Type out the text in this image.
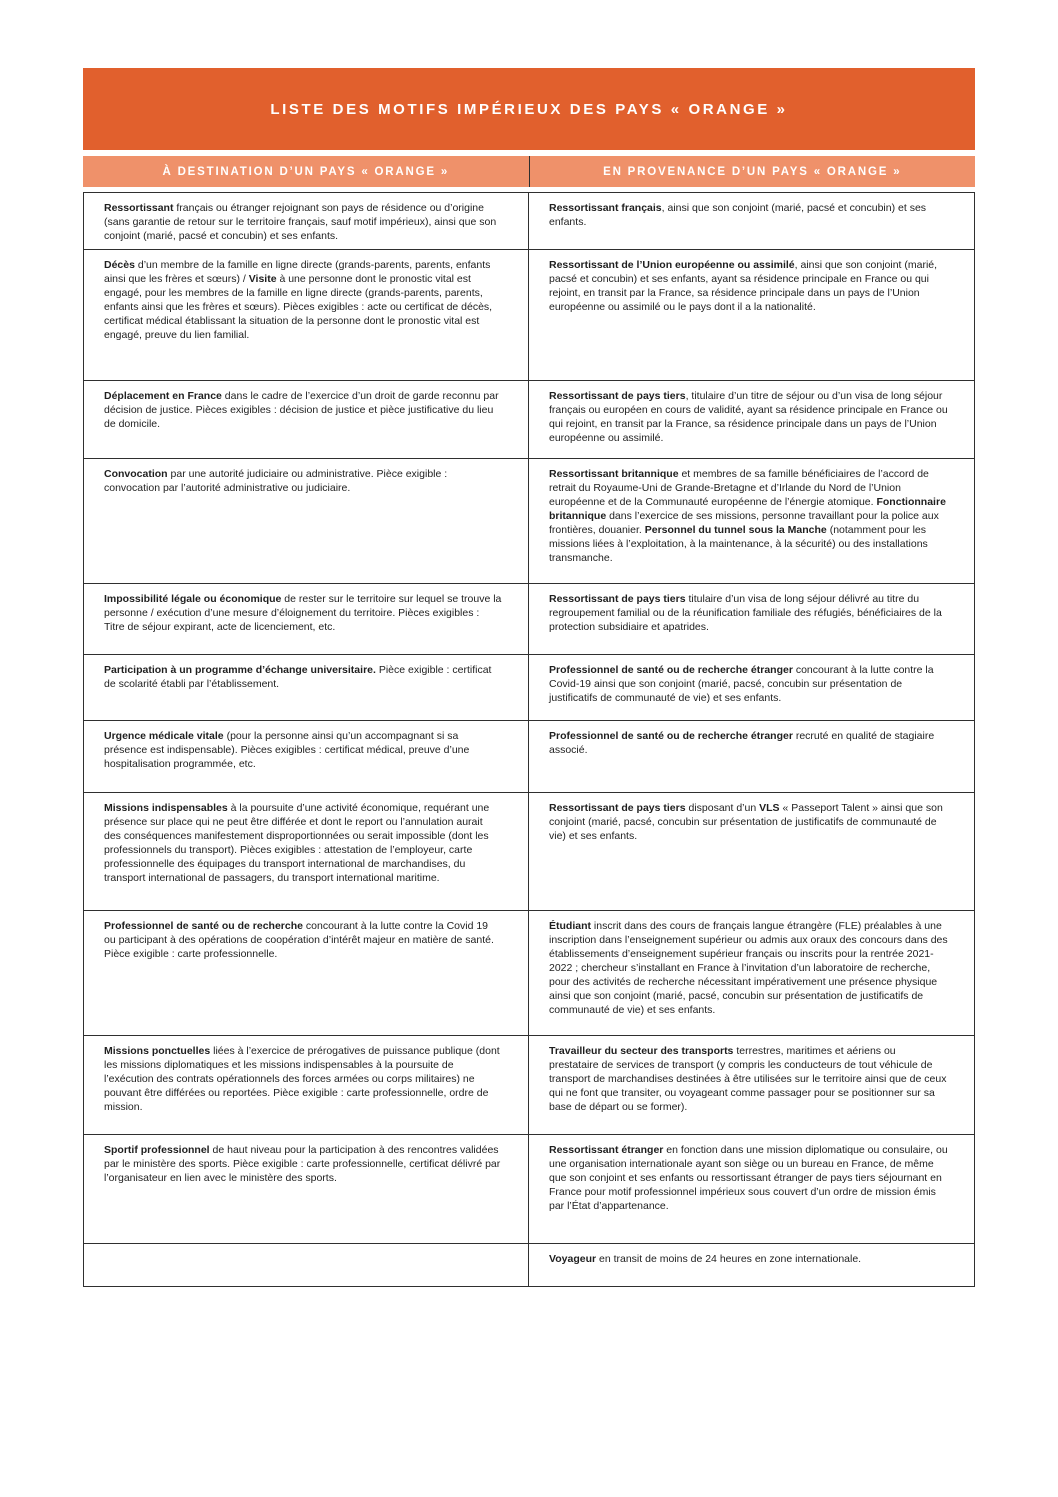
LISTE DES MOTIFS IMPÉRIEUX DES PAYS « ORANGE »
À DESTINATION D’UN PAYS « ORANGE »	EN PROVENANCE D’UN PAYS « ORANGE »
Ressortissant français ou étranger rejoignant son pays de résidence ou d’origine (sans garantie de retour sur le territoire français, sauf motif impérieux), ainsi que son conjoint (marié, pacsé et concubin) et ses enfants.
Ressortissant français, ainsi que son conjoint (marié, pacsé et concubin) et ses enfants.
Décès d’un membre de la famille en ligne directe (grands-parents, parents, enfants ainsi que les frères et sœurs) / Visite à une personne dont le pronostic vital est engagé, pour les membres de la famille en ligne directe (grands-parents, parents, enfants ainsi que les frères et sœurs). Pièces exigibles : acte ou certificat de décès, certificat médical établissant la situation de la personne dont le pronostic vital est engagé, preuve du lien familial.
Ressortissant de l’Union européenne ou assimilé, ainsi que son conjoint (marié, pacsé et concubin) et ses enfants, ayant sa résidence principale en France ou qui rejoint, en transit par la France, sa résidence principale dans un pays de l’Union européenne ou assimilé ou le pays dont il a la nationalité.
Déplacement en France dans le cadre de l’exercice d’un droit de garde reconnu par décision de justice. Pièces exigibles : décision de justice et pièce justificative du lieu de domicile.
Ressortissant de pays tiers, titulaire d’un titre de séjour ou d’un visa de long séjour français ou européen en cours de validité, ayant sa résidence principale en France ou qui rejoint, en transit par la France, sa résidence principale dans un pays de l’Union européenne ou assimilé.
Convocation par une autorité judiciaire ou administrative. Pièce exigible : convocation par l’autorité administrative ou judiciaire.
Ressortissant britannique et membres de sa famille bénéficiaires de l’accord de retrait du Royaume-Uni de Grande-Bretagne et d’Irlande du Nord de l’Union européenne et de la Communauté européenne de l’énergie atomique. Fonctionnaire britannique dans l’exercice de ses missions, personne travaillant pour la police aux frontières, douanier. Personnel du tunnel sous la Manche (notamment pour les missions liées à l’exploitation, à la maintenance, à la sécurité) ou des installations transmanche.
Impossibilité légale ou économique de rester sur le territoire sur lequel se trouve la personne / exécution d’une mesure d’éloignement du territoire. Pièces exigibles : Titre de séjour expirant, acte de licenciement, etc.
Ressortissant de pays tiers titulaire d’un visa de long séjour délivré au titre du regroupement familial ou de la réunification familiale des réfugiés, bénéficiaires de la protection subsidiaire et apatrides.
Participation à un programme d’échange universitaire. Pièce exigible : certificat de scolarité établi par l’établissement.
Professionnel de santé ou de recherche étranger concourant à la lutte contre la Covid-19 ainsi que son conjoint (marié, pacsé, concubin sur présentation de justificatifs de communauté de vie) et ses enfants.
Urgence médicale vitale (pour la personne ainsi qu’un accompagnant si sa présence est indispensable). Pièces exigibles : certificat médical, preuve d’une hospitalisation programmée, etc.
Professionnel de santé ou de recherche étranger recruté en qualité de stagiaire associé.
Missions indispensables à la poursuite d’une activité économique, requérant une présence sur place qui ne peut être différée et dont le report ou l’annulation aurait des conséquences manifestement disproportionnées ou serait impossible (dont les professionnels du transport). Pièces exigibles : attestation de l’employeur, carte professionnelle des équipages du transport international de marchandises, du transport international de passagers, du transport international maritime.
Ressortissant de pays tiers disposant d’un VLS « Passeport Talent » ainsi que son conjoint (marié, pacsé, concubin sur présentation de justificatifs de communauté de vie) et ses enfants.
Professionnel de santé ou de recherche concourant à la lutte contre la Covid 19 ou participant à des opérations de coopération d’intérêt majeur en matière de santé. Pièce exigible : carte professionnelle.
Étudiant inscrit dans des cours de français langue étrangère (FLE) préalables à une inscription dans l’enseignement supérieur ou admis aux oraux des concours dans des établissements d’enseignement supérieur français ou inscrits pour la rentrée 2021-2022 ; chercheur s’installant en France à l’invitation d’un laboratoire de recherche, pour des activités de recherche nécessitant impérativement une présence physique ainsi que son conjoint (marié, pacsé, concubin sur présentation de justificatifs de communauté de vie) et ses enfants.
Missions ponctuelles liées à l’exercice de prérogatives de puissance publique (dont les missions diplomatiques et les missions indispensables à la poursuite de l’exécution des contrats opérationnels des forces armées ou corps militaires) ne pouvant être différées ou reportées. Pièce exigible : carte professionnelle, ordre de mission.
Travailleur du secteur des transports terrestres, maritimes et aériens ou prestataire de services de transport (y compris les conducteurs de tout véhicule de transport de marchandises destinées à être utilisées sur le territoire ainsi que de ceux qui ne font que transiter, ou voyageant comme passager pour se positionner sur sa base de départ ou se former).
Sportif professionnel de haut niveau pour la participation à des rencontres validées par le ministère des sports. Pièce exigible : carte professionnelle, certificat délivré par l’organisateur en lien avec le ministère des sports.
Ressortissant étranger en fonction dans une mission diplomatique ou consulaire, ou une organisation internationale ayant son siège ou un bureau en France, de même que son conjoint et ses enfants ou ressortissant étranger de pays tiers séjournant en France pour motif professionnel impérieux sous couvert d’un ordre de mission émis par l’État d’appartenance.
Voyageur en transit de moins de 24 heures en zone internationale.
